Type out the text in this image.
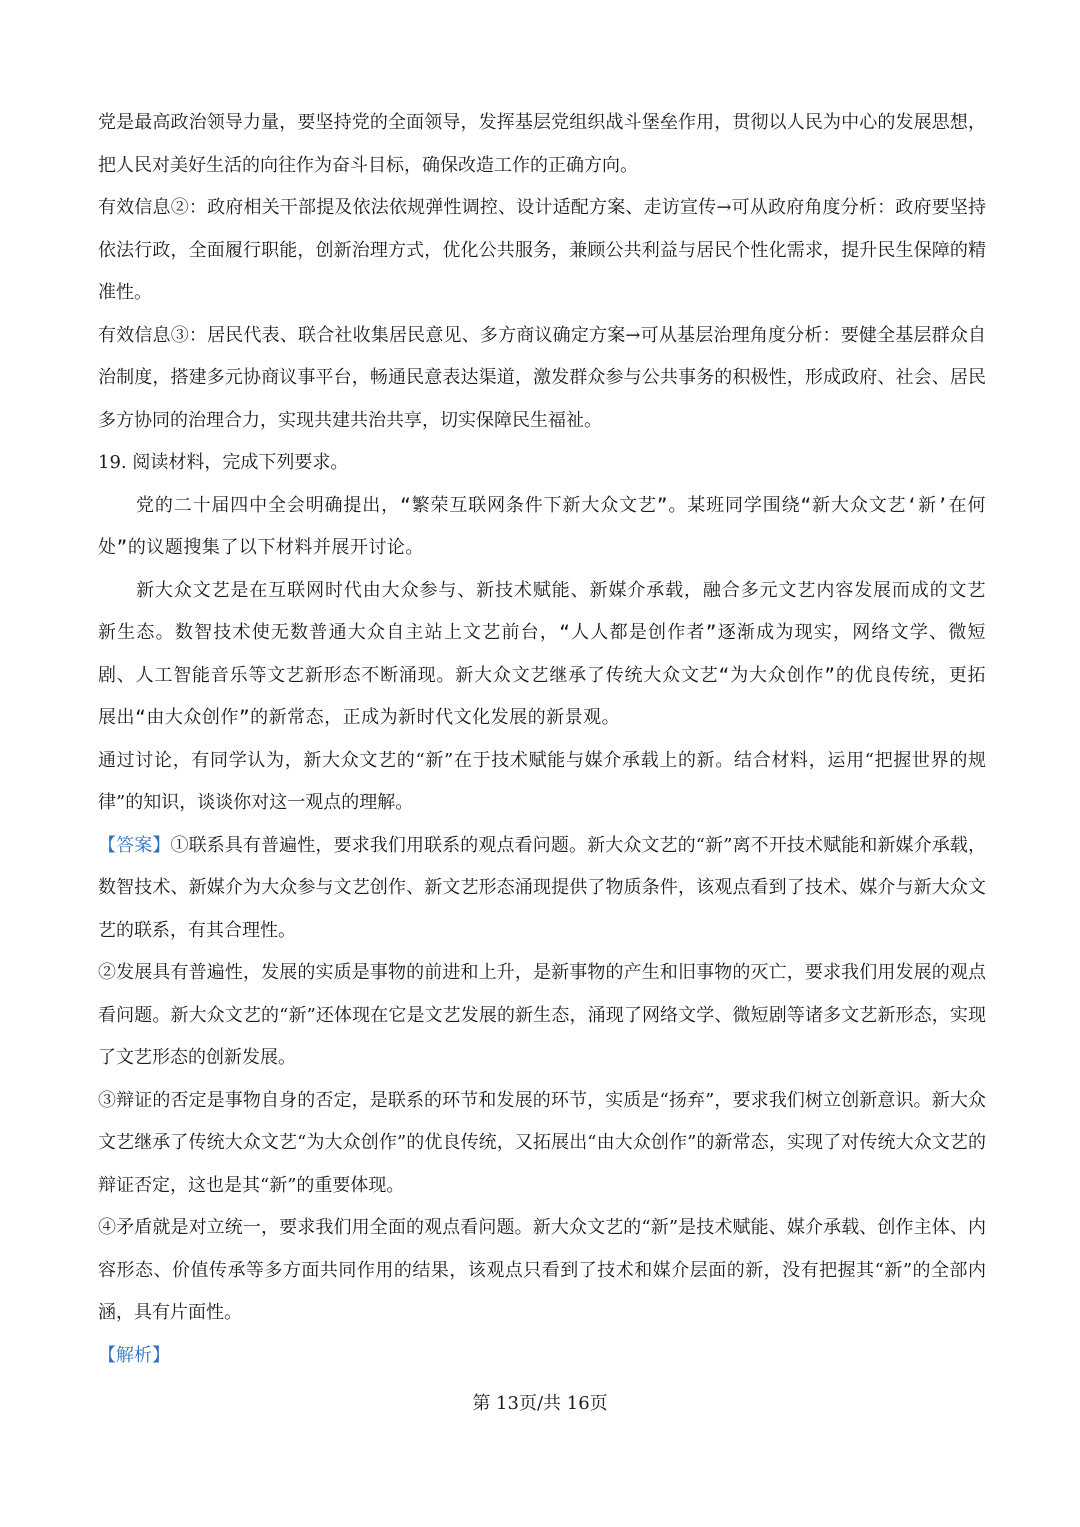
党是最高政治领导力量，要坚持党的全面领导，发挥基层党组织战斗堡垒作用，贯彻以人民为中心的发展思想，把人民对美好生活的向往作为奋斗目标，确保改造工作的正确方向。

有效信息②：政府相关干部提及依法依规弹性调控、设计适配方案、走访宣传→可从政府角度分析：政府要坚持依法行政，全面履行职能，创新治理方式，优化公共服务，兼顾公共利益与居民个性化需求，提升民生保障的精准性。

有效信息③：居民代表、联合社收集居民意见、多方商议确定方案→可从基层治理角度分析：要健全基层群众自治制度，搭建多元协商议事平台，畅通民意表达渠道，激发群众参与公共事务的积极性，形成政府、社会、居民多方协同的治理合力，实现共建共治共享，切实保障民生福祉。

19. 阅读材料，完成下列要求。

党的二十届四中全会明确提出，“繁荣互联网条件下新大众文艺”。某班同学围绕“新大众文艺‘新’在何处”的议题搜集了以下材料并展开讨论。

新大众文艺是在互联网时代由大众参与、新技术赋能、新媒介承载，融合多元文艺内容发展而成的文艺新生态。数智技术使无数普通大众自主站上文艺前台，“人人都是创作者”逐渐成为现实，网络文学、微短剧、人工智能音乐等文艺新形态不断涌现。新大众文艺继承了传统大众文艺“为大众创作”的优良传统，更拓展出“由大众创作”的新常态，正成为新时代文化发展的新景观。

通过讨论，有同学认为，新大众文艺的“新”在于技术赋能与媒介承载上的新。结合材料，运用“把握世界的规律”的知识，谈谈你对这一观点的理解。

【答案】①联系具有普遍性，要求我们用联系的观点看问题。新大众文艺的“新”离不开技术赋能和新媒介承载，数智技术、新媒介为大众参与文艺创作、新文艺形态涌现提供了物质条件，该观点看到了技术、媒介与新大众文艺的联系，有其合理性。

②发展具有普遍性，发展的实质是事物的前进和上升，是新事物的产生和旧事物的灭亡，要求我们用发展的观点看问题。新大众文艺的“新”还体现在它是文艺发展的新生态，涌现了网络文学、微短剧等诸多文艺新形态，实现了文艺形态的创新发展。

③辩证的否定是事物自身的否定，是联系的环节和发展的环节，实质是“扬弃”，要求我们树立创新意识。新大众文艺继承了传统大众文艺“为大众创作”的优良传统，又拓展出“由大众创作”的新常态，实现了对传统大众文艺的辩证否定，这也是其“新”的重要体现。

④矛盾就是对立统一，要求我们用全面的观点看问题。新大众文艺的“新”是技术赋能、媒介承载、创作主体、内容形态、价值传承等多方面共同作用的结果，该观点只看到了技术和媒介层面的新，没有把握其“新”的全部内涵，具有片面性。

【解析】

第 13页/共 16页
